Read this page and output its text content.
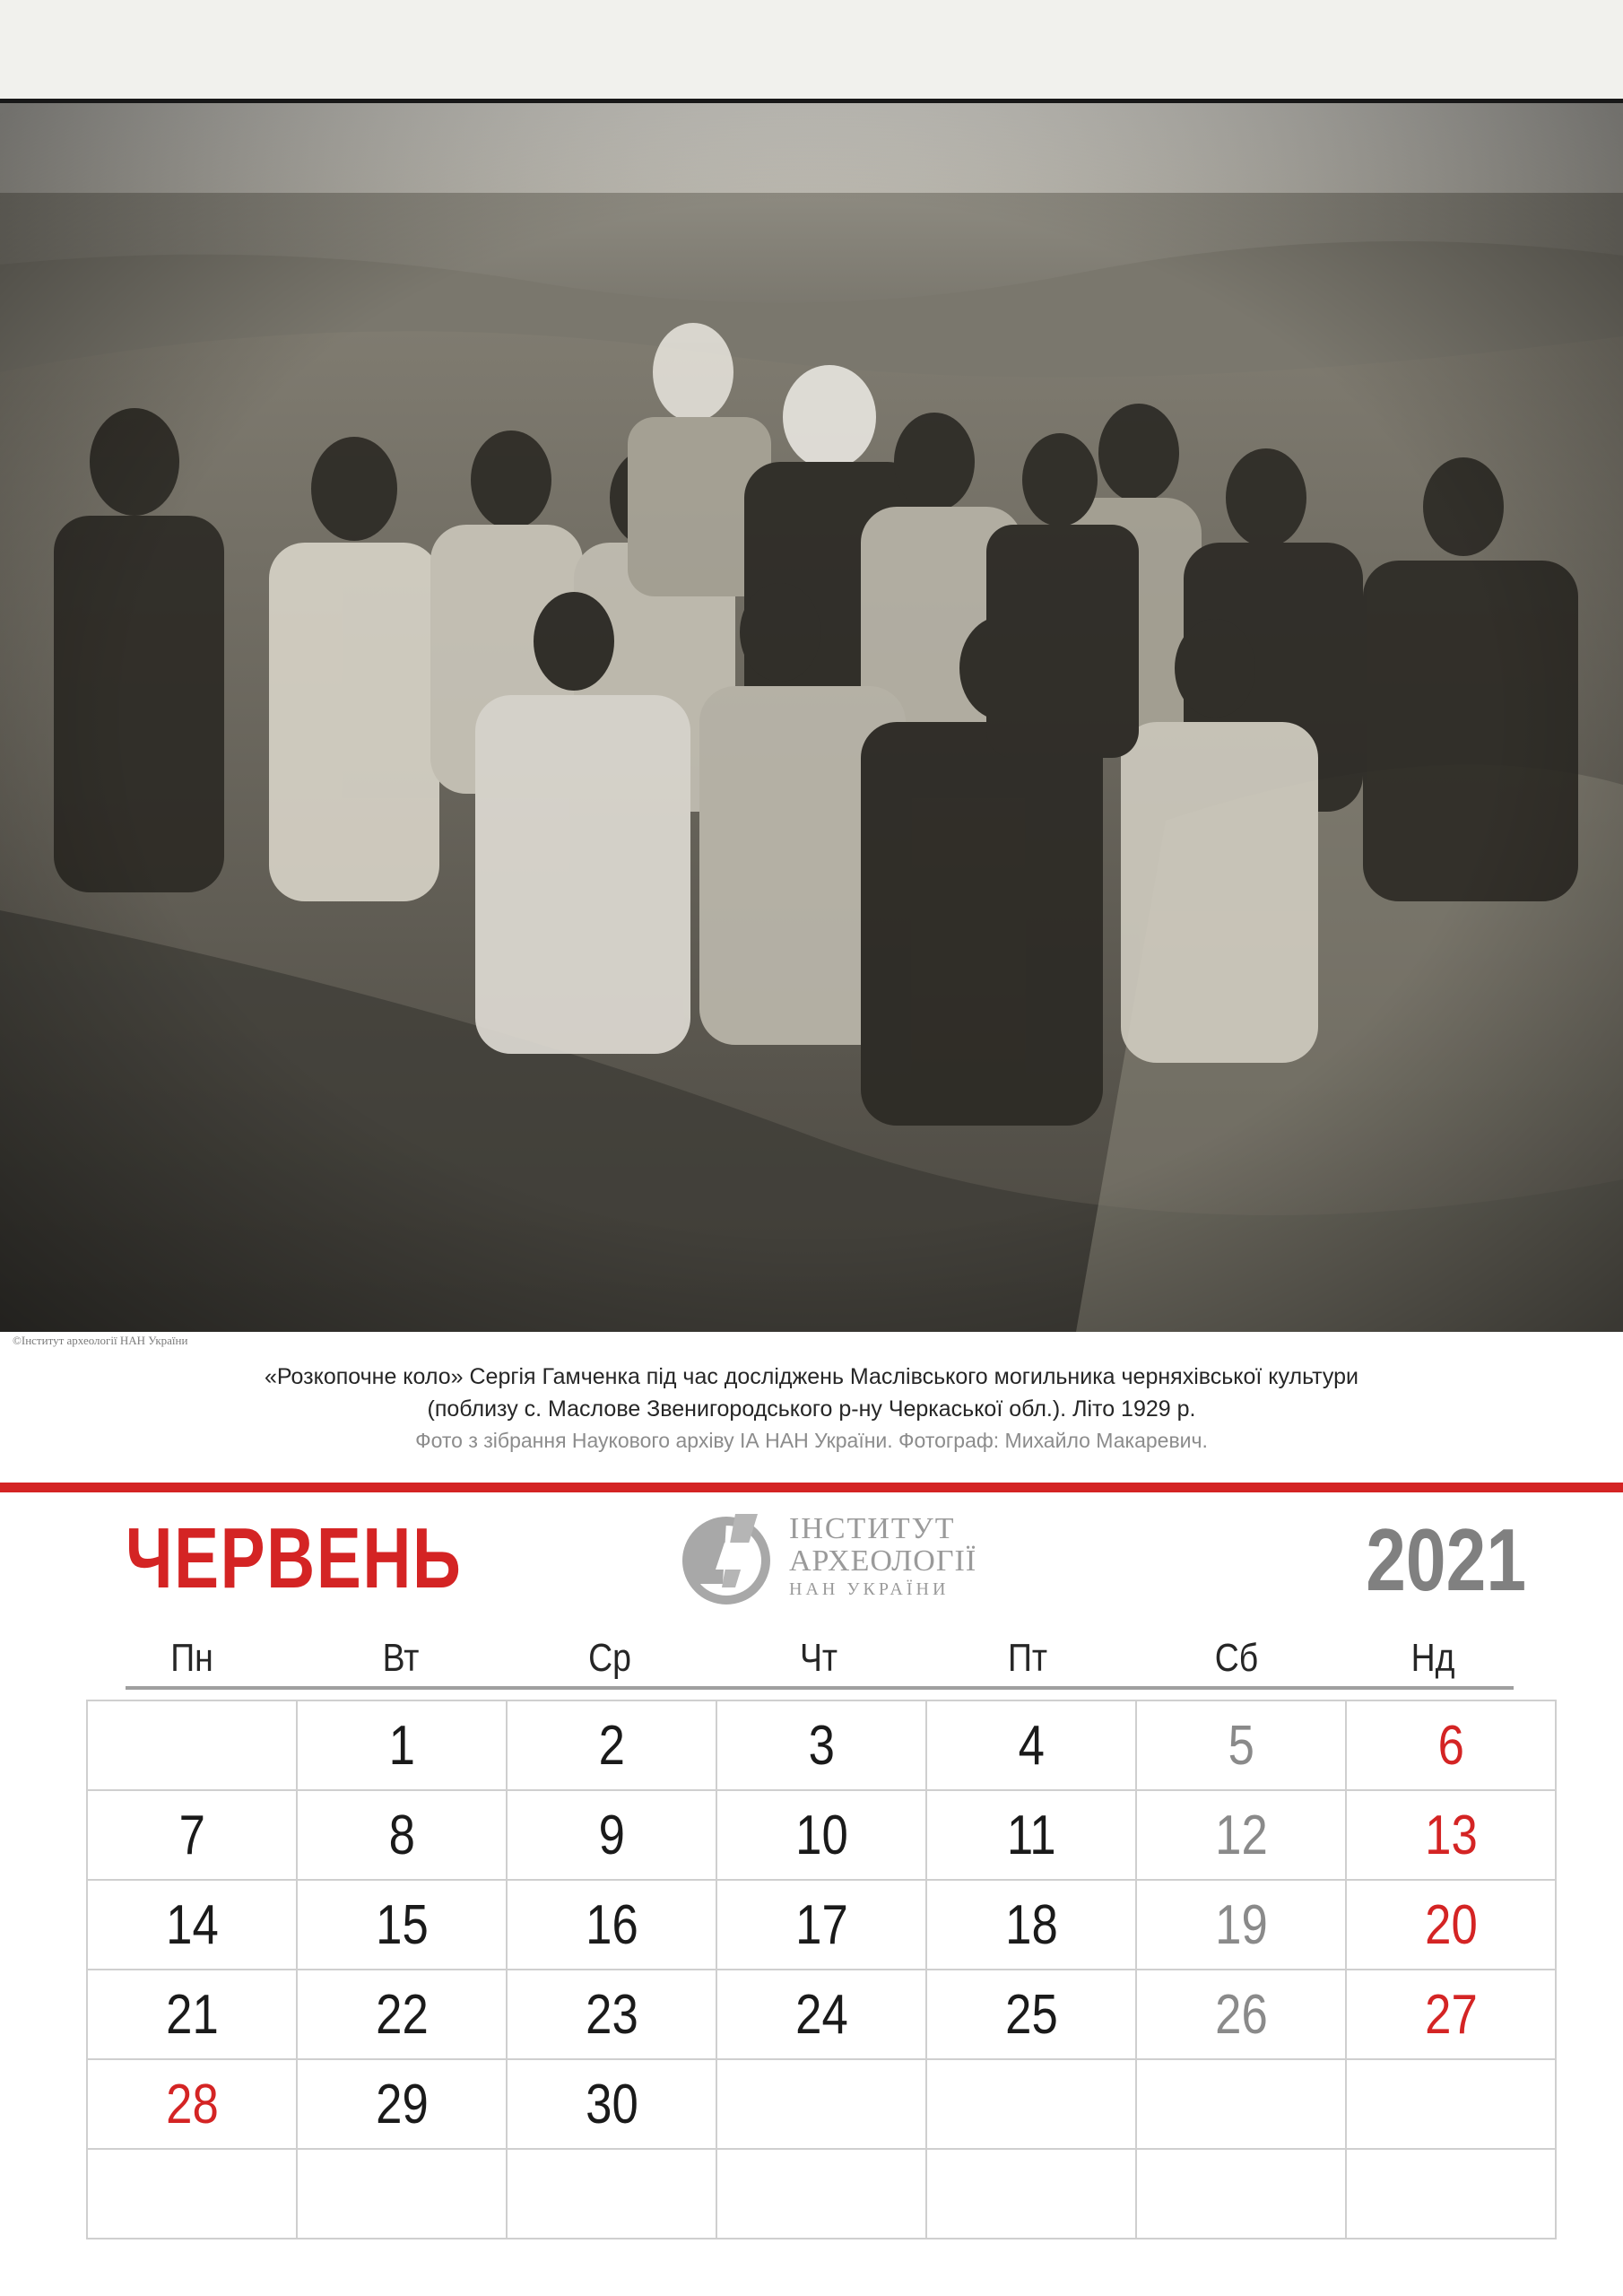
©Інститут археології НАН України
«Розкопочне коло» Сергія Гамченка під час досліджень Маслівського могильника черняхівської культури
(поблизу с. Маслове Звенигородського р-ну Черкаської обл.). Літо 1929 р.
Фото з зібрання Наукового архіву ІА НАН України. Фотограф: Михайло Макаревич.
ЧЕРВЕНЬ	ІНСТИТУТ
АРХЕОЛОГІЇ
НАН УКРАЇНИ	2021
Пн	Вт	Ср	Чт	Пт	Сб	Нд
	1	2	3	4	5	6
7	8	9	10	11	12	13
14	15	16	17	18	19	20
21	22	23	24	25	26	27
28	29	30				
